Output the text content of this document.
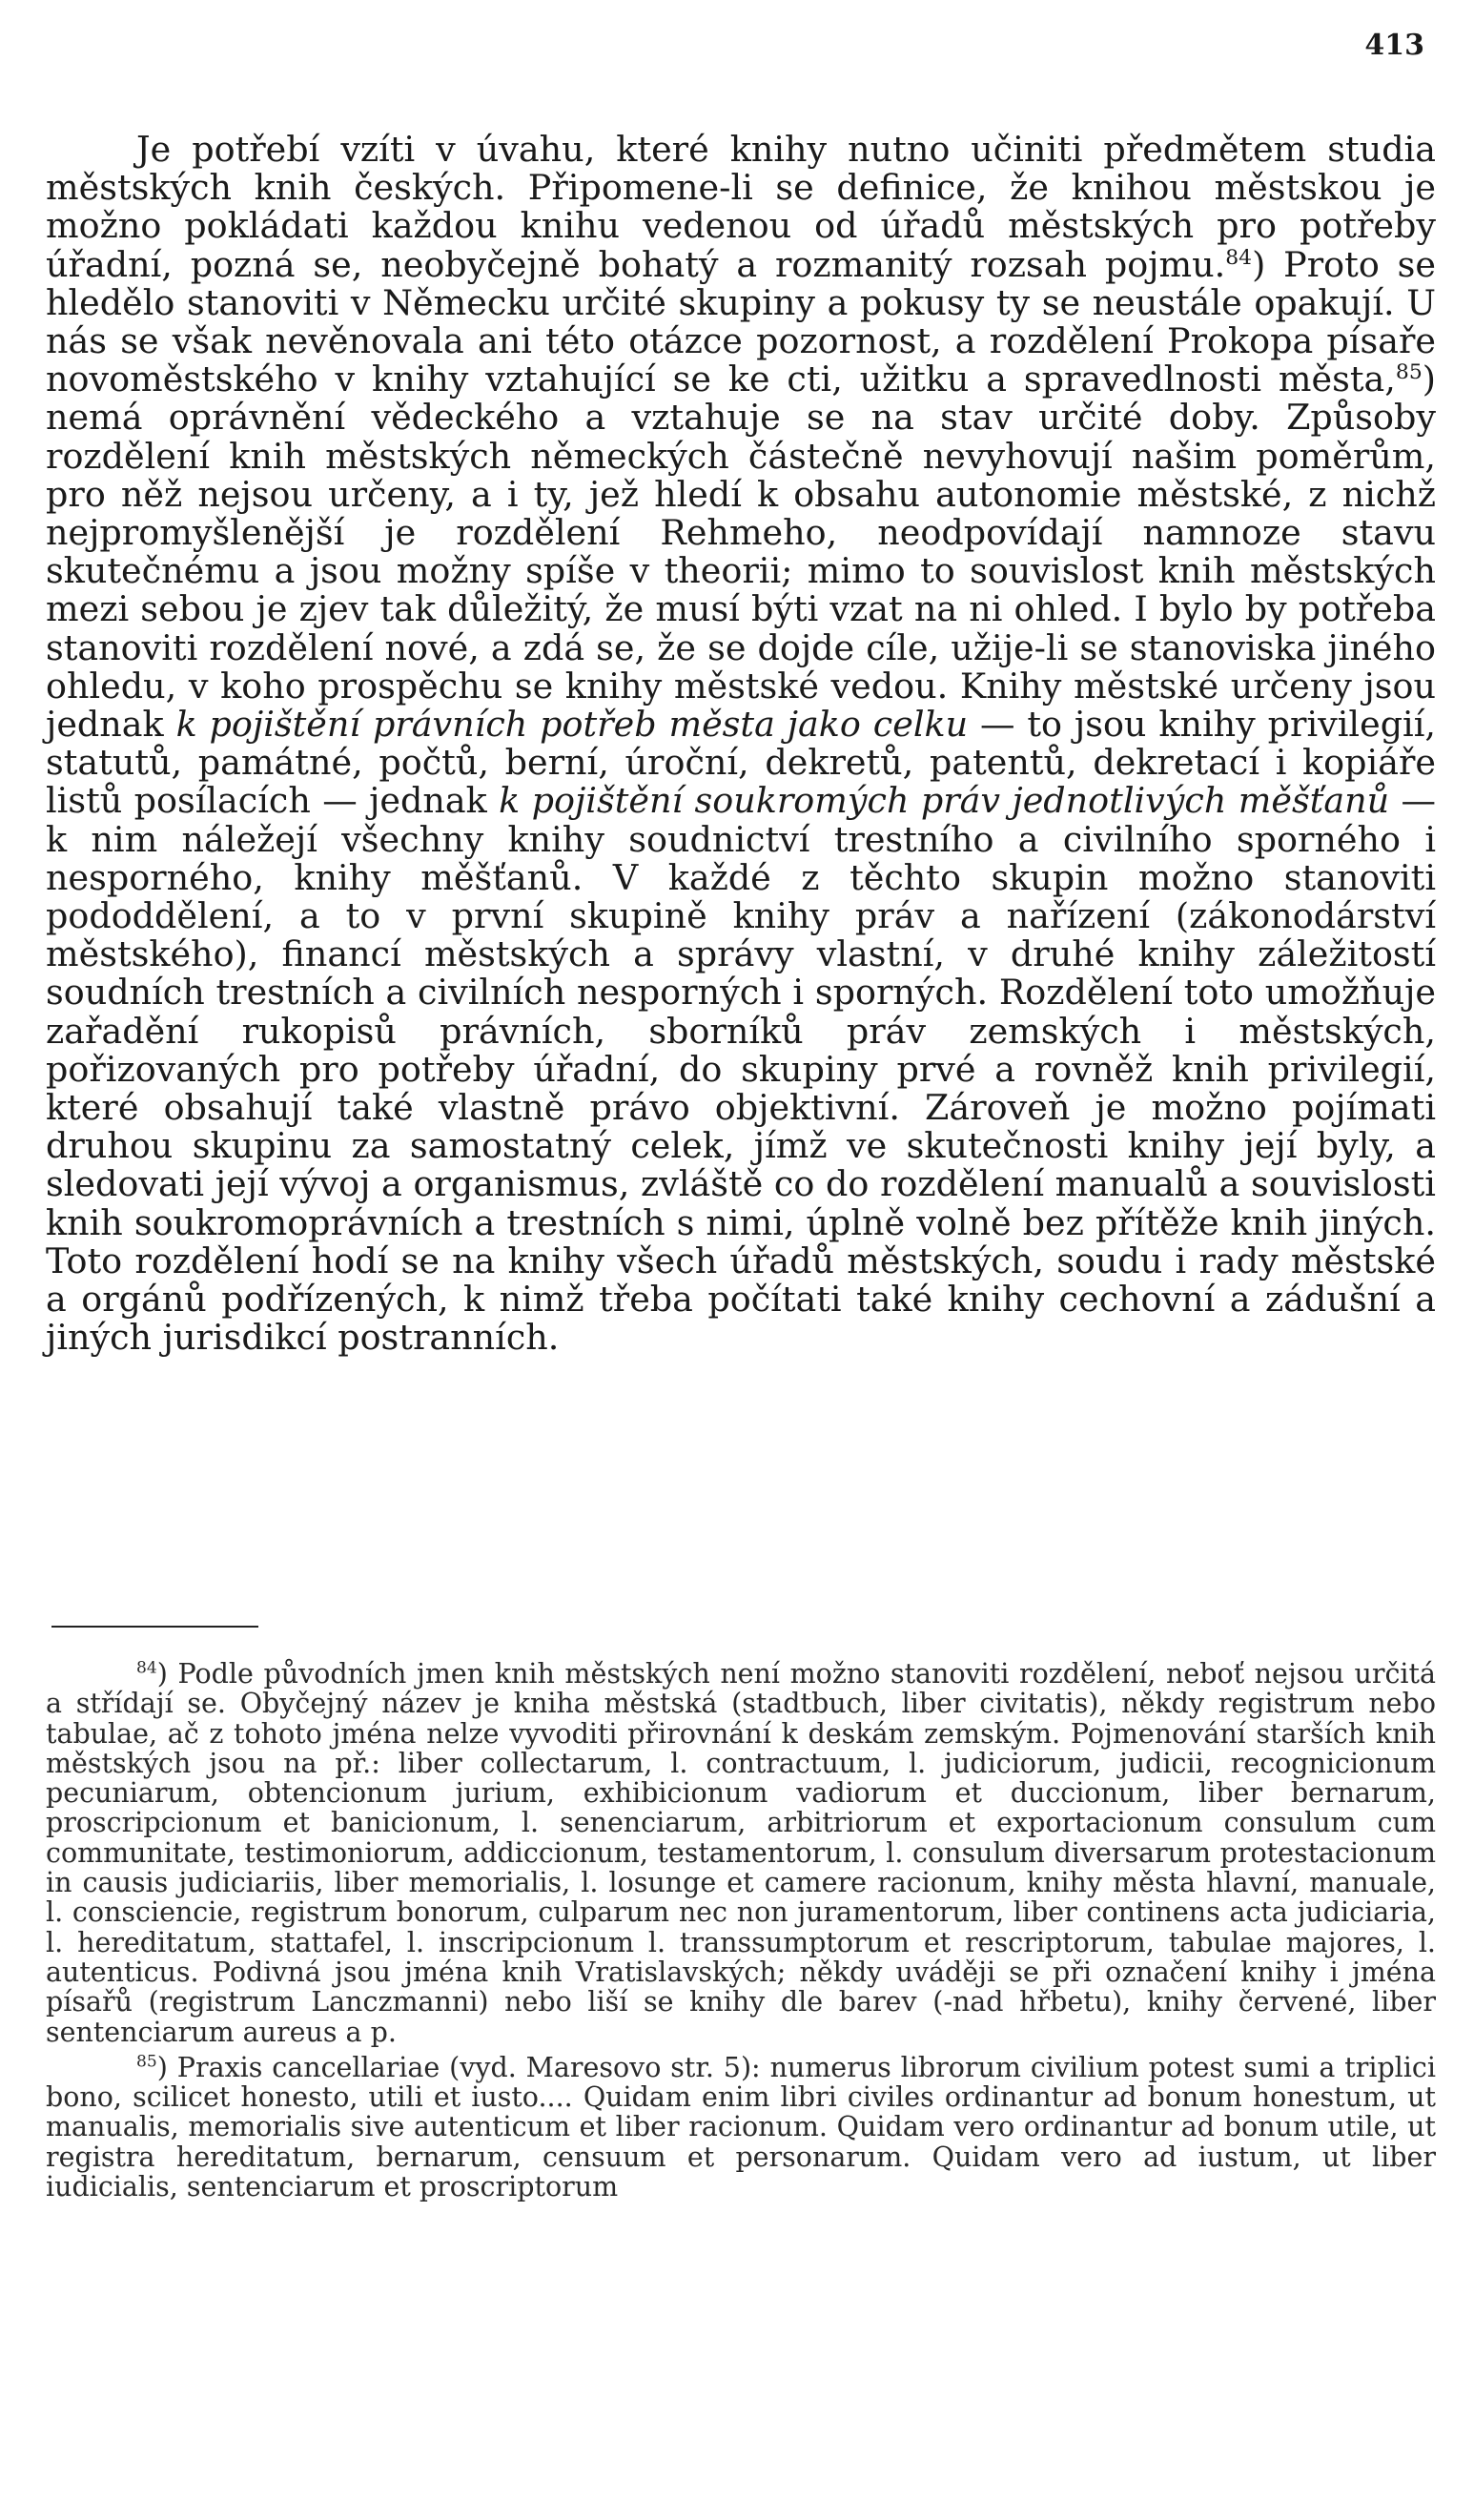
413

Je potřebí vzíti v úvahu, které knihy nutno učiniti předmětem studia městských knih českých. Připomene-li se definice, že knihou městskou je možno pokládati každou knihu vedenou od úřadů městských pro potřeby úřadní, pozná se, neobyčejně bohatý a rozmanitý rozsah pojmu.$^{84}$) Proto se hledělo stanoviti v Německu určité skupiny a pokusy ty se neustále opakují. U nás se však nevěnovala ani této otázce pozornost, a rozdělení Prokopa písaře novoměstského v knihy vztahující se ke cti, užitku a spravedlnosti města,$^{85}$) nemá oprávnění vědeckého a vztahuje se na stav určité doby. Způsoby rozdělení knih městských německých částečně nevyhovují našim poměrům, pro něž nejsou určeny, a i ty, jež hledí k obsahu autonomie městské, z nichž nejpromyšlenější je rozdělení Rehmeho, neodpovídají namnoze stavu skutečnému a jsou možny spíše v theorii; mimo to souvislost knih městských mezi sebou je zjev tak důležitý, že musí býti vzat na ni ohled. I bylo by potřeba stanoviti rozdělení nové, a zdá se, že se dojde cíle, užije-li se stanoviska jiného ohledu, v koho prospěchu se knihy městské vedou. Knihy městské určeny jsou jednak k pojištění právních potřeb města jako celku — to jsou knihy privilegií, statutů, památné, počtů, berní, úroční, dekretů, patentů, dekretací i kopiáře listů posílacích — jednak k pojištění soukromých práv jednotlivých měšťanů — k nim náležejí všechny knihy soudnictví trestního a civilního sporného i nesporného, knihy měšťanů. V každé z těchto skupin možno stanoviti pododdělení, a to v první skupině knihy práv a nařízení (zákonodárství městského), financí městských a správy vlastní, v druhé knihy záležitostí soudních trestních a civilních nesporných i sporných. Rozdělení toto umožňuje zařadění rukopisů právních, sborníků práv zemských i městských, pořizovaných pro potřeby úřadní, do skupiny prvé a rovněž knih privilegií, které obsahují také vlastně právo objektivní. Zároveň je možno pojímati druhou skupinu za samostatný celek, jímž ve skutečnosti knihy její byly, a sledovati její vývoj a organismus, zvláště co do rozdělení manualů a souvislosti knih soukromoprávních a trestních s nimi, úplně volně bez přítěže knih jiných. Toto rozdělení hodí se na knihy všech úřadů městských, soudu i rady městské a orgánů podřízených, k nimž třeba počítati také knihy cechovní a zádušní a jiných jurisdikcí postranních.

$^{84}$) Podle původních jmen knih městských není možno stanoviti rozdělení, neboť nejsou určitá a střídají se. Obyčejný název je kniha městská (stadtbuch, liber civitatis), někdy registrum nebo tabulae, ač z tohoto jména nelze vyvoditi přirovnání k deskám zemským. Pojmenování starších knih městských jsou na př.: liber collectarum, l. contractuum, l. judiciorum, judicii, recognicionum pecuniarum, obtencionum jurium, exhibicionum vadiorum et duccionum, liber bernarum, proscripcionum et banicionum, l. senenciarum, arbitriorum et exportacionum consulum cum communitate, testimoniorum, addiccionum, testamentorum, l. consulum diversarum protestacionum in causis judiciariis, liber memorialis, l. losunge et camere racionum, knihy města hlavní, manuale, l. consciencie, registrum bonorum, culparum nec non juramentorum, liber continens acta judiciaria, l. hereditatum, stattafel, l. inscripcionum l. transsumptorum et rescriptorum, tabulae majores, l. autenticus. Podivná jsou jména knih Vratislavských; někdy uváději se při označení knihy i jména písařů (registrum Lanczmanni) nebo liší se knihy dle barev (-nad hřbetu), knihy červené, liber sentenciarum aureus a p.

$^{85}$) Praxis cancellariae (vyd. Maresovo str. 5): numerus librorum civilium potest sumi a triplici bono, scilicet honesto, utili et iusto.... Quidam enim libri civiles ordinantur ad bonum honestum, ut manualis, memorialis sive autenticum et liber racionum. Quidam vero ordinantur ad bonum utile, ut registra hereditatum, bernarum, censuum et personarum. Quidam vero ad iustum, ut liber iudicialis, sentenciarum et proscriptorum
